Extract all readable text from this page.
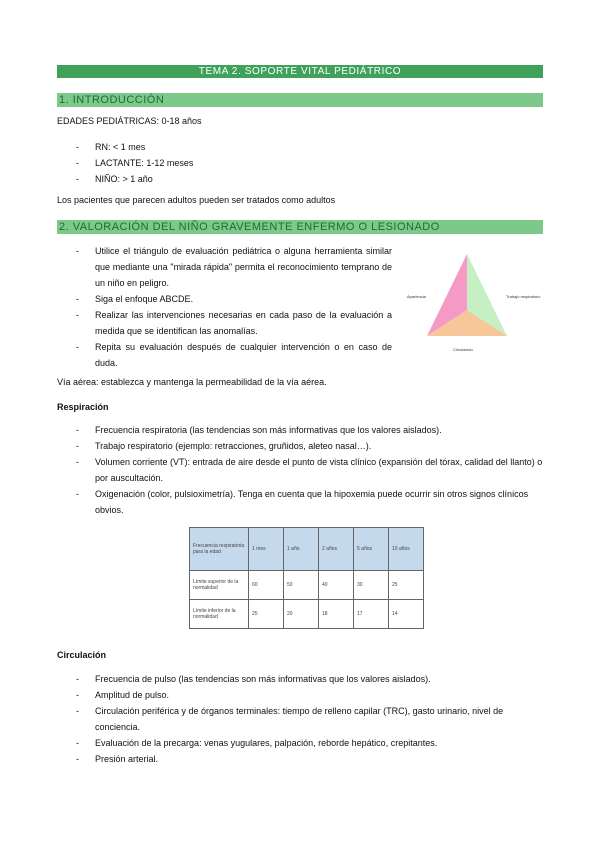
TEMA 2. SOPORTE VITAL PEDIÁTRICO
1. INTRODUCCIÓN
EDADES PEDIÁTRICAS: 0-18 años
- RN: < 1 mes
- LACTANTE: 1-12 meses
- NIÑO: > 1 año
Los pacientes que parecen adultos pueden ser tratados como adultos
2. VALORACIÓN DEL NIÑO GRAVEMENTE ENFERMO O LESIONADO
- Utilice el triángulo de evaluación pediátrica o alguna herramienta similar que mediante una "mirada rápida" permita el reconocimiento temprano de un niño en peligro.
- Siga el enfoque ABCDE.
- Realizar las intervenciones necesarias en cada paso de la evaluación a medida que se identifican las anomalías.
- Repita su evaluación después de cualquier intervención o en caso de duda.
Apariencia	Trabajo respiratorio
Circulación
Vía aérea: establezca y mantenga la permeabilidad de la vía aérea.
Respiración
- Frecuencia respiratoria (las tendencias son más informativas que los valores aislados).
- Trabajo respiratorio (ejemplo: retracciones, gruñidos, aleteo nasal…).
- Volumen corriente (VT): entrada de aire desde el punto de vista clínico (expansión del tórax, calidad del llanto) o por auscultación.
- Oxigenación (color, pulsioximetría). Tenga en cuenta que la hipoxemia puede ocurrir sin otros signos clínicos obvios.
Frecuencia respiratoria para la edad	1 mes	1 año	2 años	5 años	10 años
Límite superior de la normalidad	60	50	40	30	25
Límite inferior de la normalidad	25	20	18	17	14
Circulación
- Frecuencia de pulso (las tendencias son más informativas que los valores aislados).
- Amplitud de pulso.
- Circulación periférica y de órganos terminales: tiempo de relleno capilar (TRC), gasto urinario, nivel de conciencia.
- Evaluación de la precarga: venas yugulares, palpación, reborde hepático, crepitantes.
- Presión arterial.
